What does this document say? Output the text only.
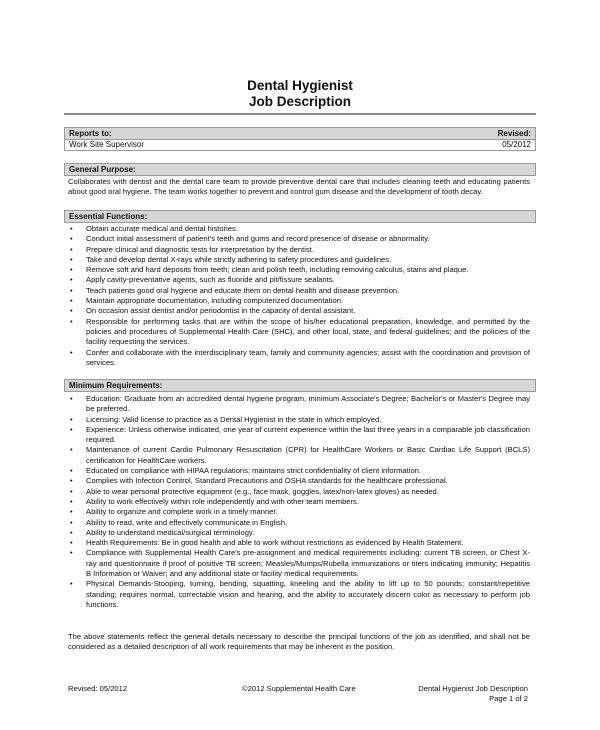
Dental Hygienist
Job Description
Reports to:	Revised:
Work Site Supervisor	05/2012
General Purpose:
Collaborates with dentist and the dental care team to provide preventive dental care that includes cleaning teeth and educating patients about good oral hygiene. The team works together to prevent and control gum disease and the development of tooth decay.
Essential Functions:
• Obtain accurate medical and dental histories.
• Conduct initial assessment of patient's teeth and gums and record presence of disease or abnormality.
• Prepare clinical and diagnostic tests for interpretation by the dentist.
• Take and develop dental X-rays while strictly adhering to safety procedures and guidelines.
• Remove soft and hard deposits from teeth; clean and polish teeth, including removing calculus, stains and plaque.
• Apply cavity-preventative agents, such as fluoride and pit/fissure sealants.
• Teach patients good oral hygiene and educate them on dental health and disease prevention.
• Maintain appropriate documentation, including computerized documentation.
• On occasion assist dentist and/or periodontist in the capacity of dental assistant.
• Responsible for performing tasks that are within the scope of his/her educational preparation, knowledge, and permitted by the policies and procedures of Supplemental Health Care (SHC), and other local, state, and federal guidelines; and the policies of the facility requesting the services.
• Confer and collaborate with the interdisciplinary team, family and community agencies; assist with the coordination and provision of services.
Minimum Requirements:
• Education: Graduate from an accredited dental hygiene program, minimum Associate's Degree; Bachelor's or Master's Degree may be preferred.
• Licensing: Valid license to practice as a Dental Hygienist in the state in which employed.
• Experience: Unless otherwise indicated, one year of current experience within the last three years in a comparable job classification required.
• Maintenance of current Cardio Pulmonary Resuscitation (CPR) for HealthCare Workers or Basic Cardiac Life Support (BCLS) certification for HealthCare workers.
• Educated on compliance with HIPAA regulations; maintains strict confidentiality of client information.
• Complies with Infection Control, Standard Precautions and OSHA standards for the healthcare professional.
• Able to wear personal protective equipment (e.g., face mask, goggles, latex/non-latex gloves) as needed.
• Ability to work effectively within role independently and with other team members.
• Ability to organize and complete work in a timely manner.
• Ability to read, write and effectively communicate in English.
• Ability to understand medical/surgical terminology.
• Health Requirements: Be in good health and able to work without restrictions as evidenced by Health Statement.
• Compliance with Supplemental Health Care's pre-assignment and medical requirements including: current TB screen, or Chest X-ray and questionnaire if proof of positive TB screen; Measles/Mumps/Rubella immunizations or titers indicating immunity; Hepatitis B Information or Waiver; and any additional state or facility medical requirements.
• Physical Demands-Stooping, turning, bending, squatting, kneeling and the ability to lift up to 50 pounds; constant/repetitive standing; requires normal, correctable vision and hearing, and the ability to accurately discern color as necessary to perform job functions.
The above statements reflect the general details necessary to describe the principal functions of the job as identified, and shall not be considered as a detailed description of all work requirements that may be inherent in the position.
Revised: 05/2012	©2012 Supplemental Health Care	Dental Hygienist Job Description
Page 1 of 2
